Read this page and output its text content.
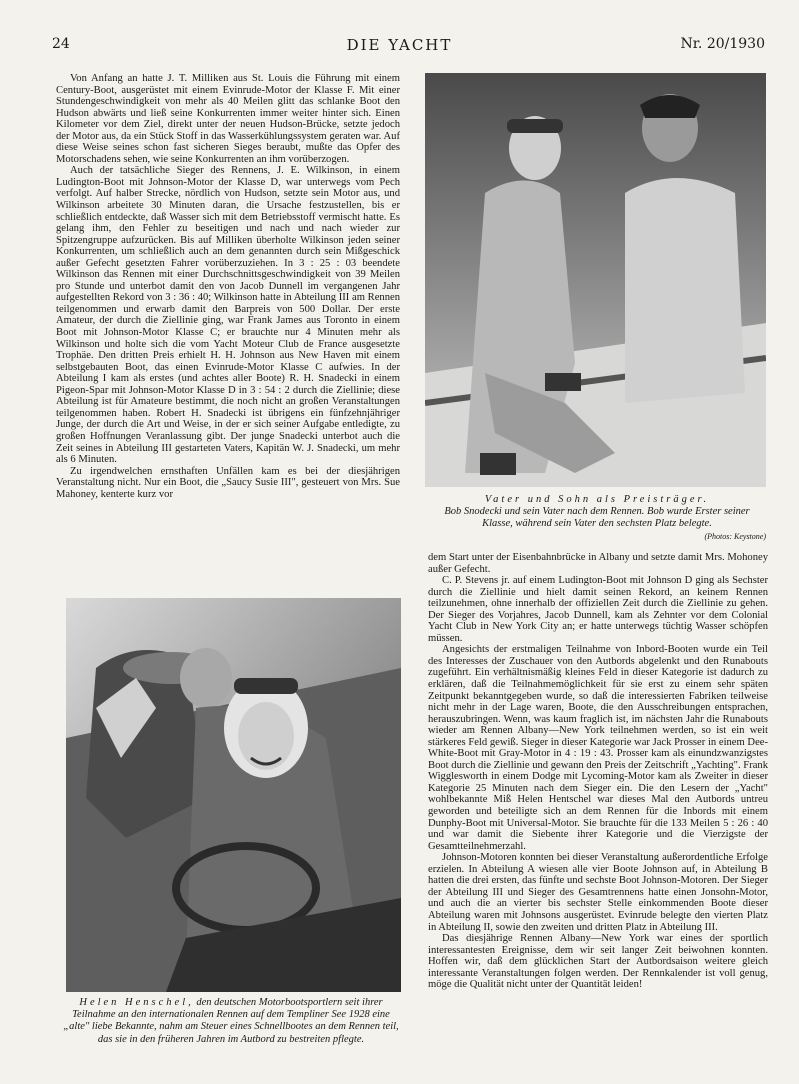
24	DIE YACHT	Nr. 20/1930

Von Anfang an hatte J. T. Milliken aus St. Louis die Führung mit einem Century-Boot, ausgerüstet mit einem Evinrude-Motor der Klasse F. Mit einer Stundengeschwindigkeit von mehr als 40 Meilen glitt das schlanke Boot den Hudson abwärts und ließ seine Konkurrenten immer weiter hinter sich. Einen Kilometer vor dem Ziel, direkt unter der neuen Hudson-Brücke, setzte jedoch der Motor aus, da ein Stück Stoff in das Wasserkühlungssystem geraten war. Auf diese Weise seines schon fast sicheren Sieges beraubt, mußte das Opfer des Motorschadens sehen, wie seine Konkurrenten an ihm vorüberzogen.

Auch der tatsächliche Sieger des Rennens, J. E. Wilkinson, in einem Ludington-Boot mit Johnson-Motor der Klasse D, war unterwegs vom Pech verfolgt. Auf halber Strecke, nördlich von Hudson, setzte sein Motor aus, und Wilkinson arbeitete 30 Minuten daran, die Ursache festzustellen, bis er schließlich entdeckte, daß Wasser sich mit dem Betriebsstoff vermischt hatte. Es gelang ihm, den Fehler zu beseitigen und nach und nach wieder zur Spitzengruppe aufzurücken. Bis auf Milliken überholte Wilkinson jeden seiner Konkurrenten, um schließlich auch an dem genannten durch sein Mißgeschick außer Gefecht gesetzten Fahrer vorüberzuziehen. In 3 : 25 : 03 beendete Wilkinson das Rennen mit einer Durchschnittsgeschwindigkeit von 39 Meilen pro Stunde und unterbot damit den von Jacob Dunnell im vergangenen Jahr aufgestellten Rekord von 3 : 36 : 40; Wilkinson hatte in Abteilung III am Rennen teilgenommen und erwarb damit den Barpreis von 500 Dollar. Der erste Amateur, der durch die Ziellinie ging, war Frank James aus Toronto in einem Boot mit Johnson-Motor Klasse C; er brauchte nur 4 Minuten mehr als Wilkinson und holte sich die vom Yacht Moteur Club de France ausgesetzte Trophäe. Den dritten Preis erhielt H. H. Johnson aus New Haven mit einem selbstgebauten Boot, das einen Evinrude-Motor Klasse C aufwies. In der Abteilung I kam als erstes (und achtes aller Boote) R. H. Snadecki in einem Pigeon-Spar mit Johnson-Motor Klasse D in 3 : 54 : 2 durch die Ziellinie; diese Abteilung ist für Amateure bestimmt, die noch nicht an großen Veranstaltungen teilgenommen haben. Robert H. Snadecki ist übrigens ein fünfzehnjähriger Junge, der durch die Art und Weise, in der er sich seiner Aufgabe entledigte, zu großen Hoffnungen Veranlassung gibt. Der junge Snadecki unterbot auch die Zeit seines in Abteilung III gestarteten Vaters, Kapitän W. J. Snadecki, um mehr als 6 Minuten.

Zu irgendwelchen ernsthaften Unfällen kam es bei der diesjährigen Veranstaltung nicht. Nur ein Boot, die „Saucy Susie III", gesteuert von Mrs. Sue Mahoney, kenterte kurz vor	Vater und Sohn als Preisträger.
Bob Snodecki und sein Vater nach dem Rennen. Bob wurde Erster seiner Klasse, während sein Vater den sechsten Platz belegte.
(Photos: Keystone)
Helen Henschel, den deutschen Motorbootsportlern seit ihrer Teilnahme an den internationalen Rennen auf dem Templiner See 1928 eine „alte" liebe Bekannte, nahm am Steuer eines Schnellbootes an dem Rennen teil, das sie in den früheren Jahren im Autbord zu bestreiten pflegte.

dem Start unter der Eisenbahnbrücke in Albany und setzte damit Mrs. Mohoney außer Gefecht.

C. P. Stevens jr. auf einem Ludington-Boot mit Johnson D ging als Sechster durch die Ziellinie und hielt damit seinen Rekord, an keinem Rennen teilzunehmen, ohne innerhalb der offiziellen Zeit durch die Ziellinie zu gehen. Der Sieger des Vorjahres, Jacob Dunnell, kam als Zehnter vor dem Colonial Yacht Club in New York City an; er hatte unterwegs tüchtig Wasser schöpfen müssen.

Angesichts der erstmaligen Teilnahme von Inbord-Booten wurde ein Teil des Interesses der Zuschauer von den Autbords abgelenkt und den Runabouts zugeführt. Ein verhältnismäßig kleines Feld in dieser Kategorie ist dadurch zu erklären, daß die Teilnahmemöglichkeit für sie erst zu einem sehr späten Zeitpunkt bekanntgegeben wurde, so daß die interessierten Fabriken teilweise nicht mehr in der Lage waren, Boote, die den Ausschreibungen entsprachen, herauszubringen. Wenn, was kaum fraglich ist, im nächsten Jahr die Runabouts wieder am Rennen Albany—New York teilnehmen werden, so ist ein weit stärkeres Feld gewiß. Sieger in dieser Kategorie war Jack Prosser in einem Dee-White-Boot mit Gray-Motor in 4 : 19 : 43. Prosser kam als einundzwanzigstes Boot durch die Ziellinie und gewann den Preis der Zeitschrift „Yachting". Frank Wigglesworth in einem Dodge mit Lycoming-Motor kam als Zweiter in dieser Kategorie 25 Minuten nach dem Sieger ein. Die den Lesern der „Yacht" wohlbekannte Miß Helen Hentschel war dieses Mal den Autbords untreu geworden und beteiligte sich an dem Rennen für die Inbords mit einem Dunphy-Boot mit Universal-Motor. Sie brauchte für die 133 Meilen 5 : 26 : 40 und war damit die Siebente ihrer Kategorie und die Vierzigste der Gesamtteilnehmerzahl.

Johnson-Motoren konnten bei dieser Veranstaltung außerordentliche Erfolge erzielen. In Abteilung A wiesen alle vier Boote Johnson auf, in Abteilung B hatten die drei ersten, das fünfte und sechste Boot Johnson-Motoren. Der Sieger der Abteilung III und Sieger des Gesamtrennens hatte einen Jonsohn-Motor, und auch die an vierter bis sechster Stelle einkommenden Boote dieser Abteilung waren mit Johnsons ausgerüstet. Evinrude belegte den vierten Platz in Abteilung II, sowie den zweiten und dritten Platz in Abteilung III.

Das diesjährige Rennen Albany—New York war eines der sportlich interessantesten Ereignisse, dem wir seit langer Zeit beiwohnen konnten. Hoffen wir, daß dem glücklichen Start der Autbordsaison weitere gleich interessante Veranstaltungen folgen werden. Der Rennkalender ist voll genug, möge die Qualität nicht unter der Quantität leiden!
